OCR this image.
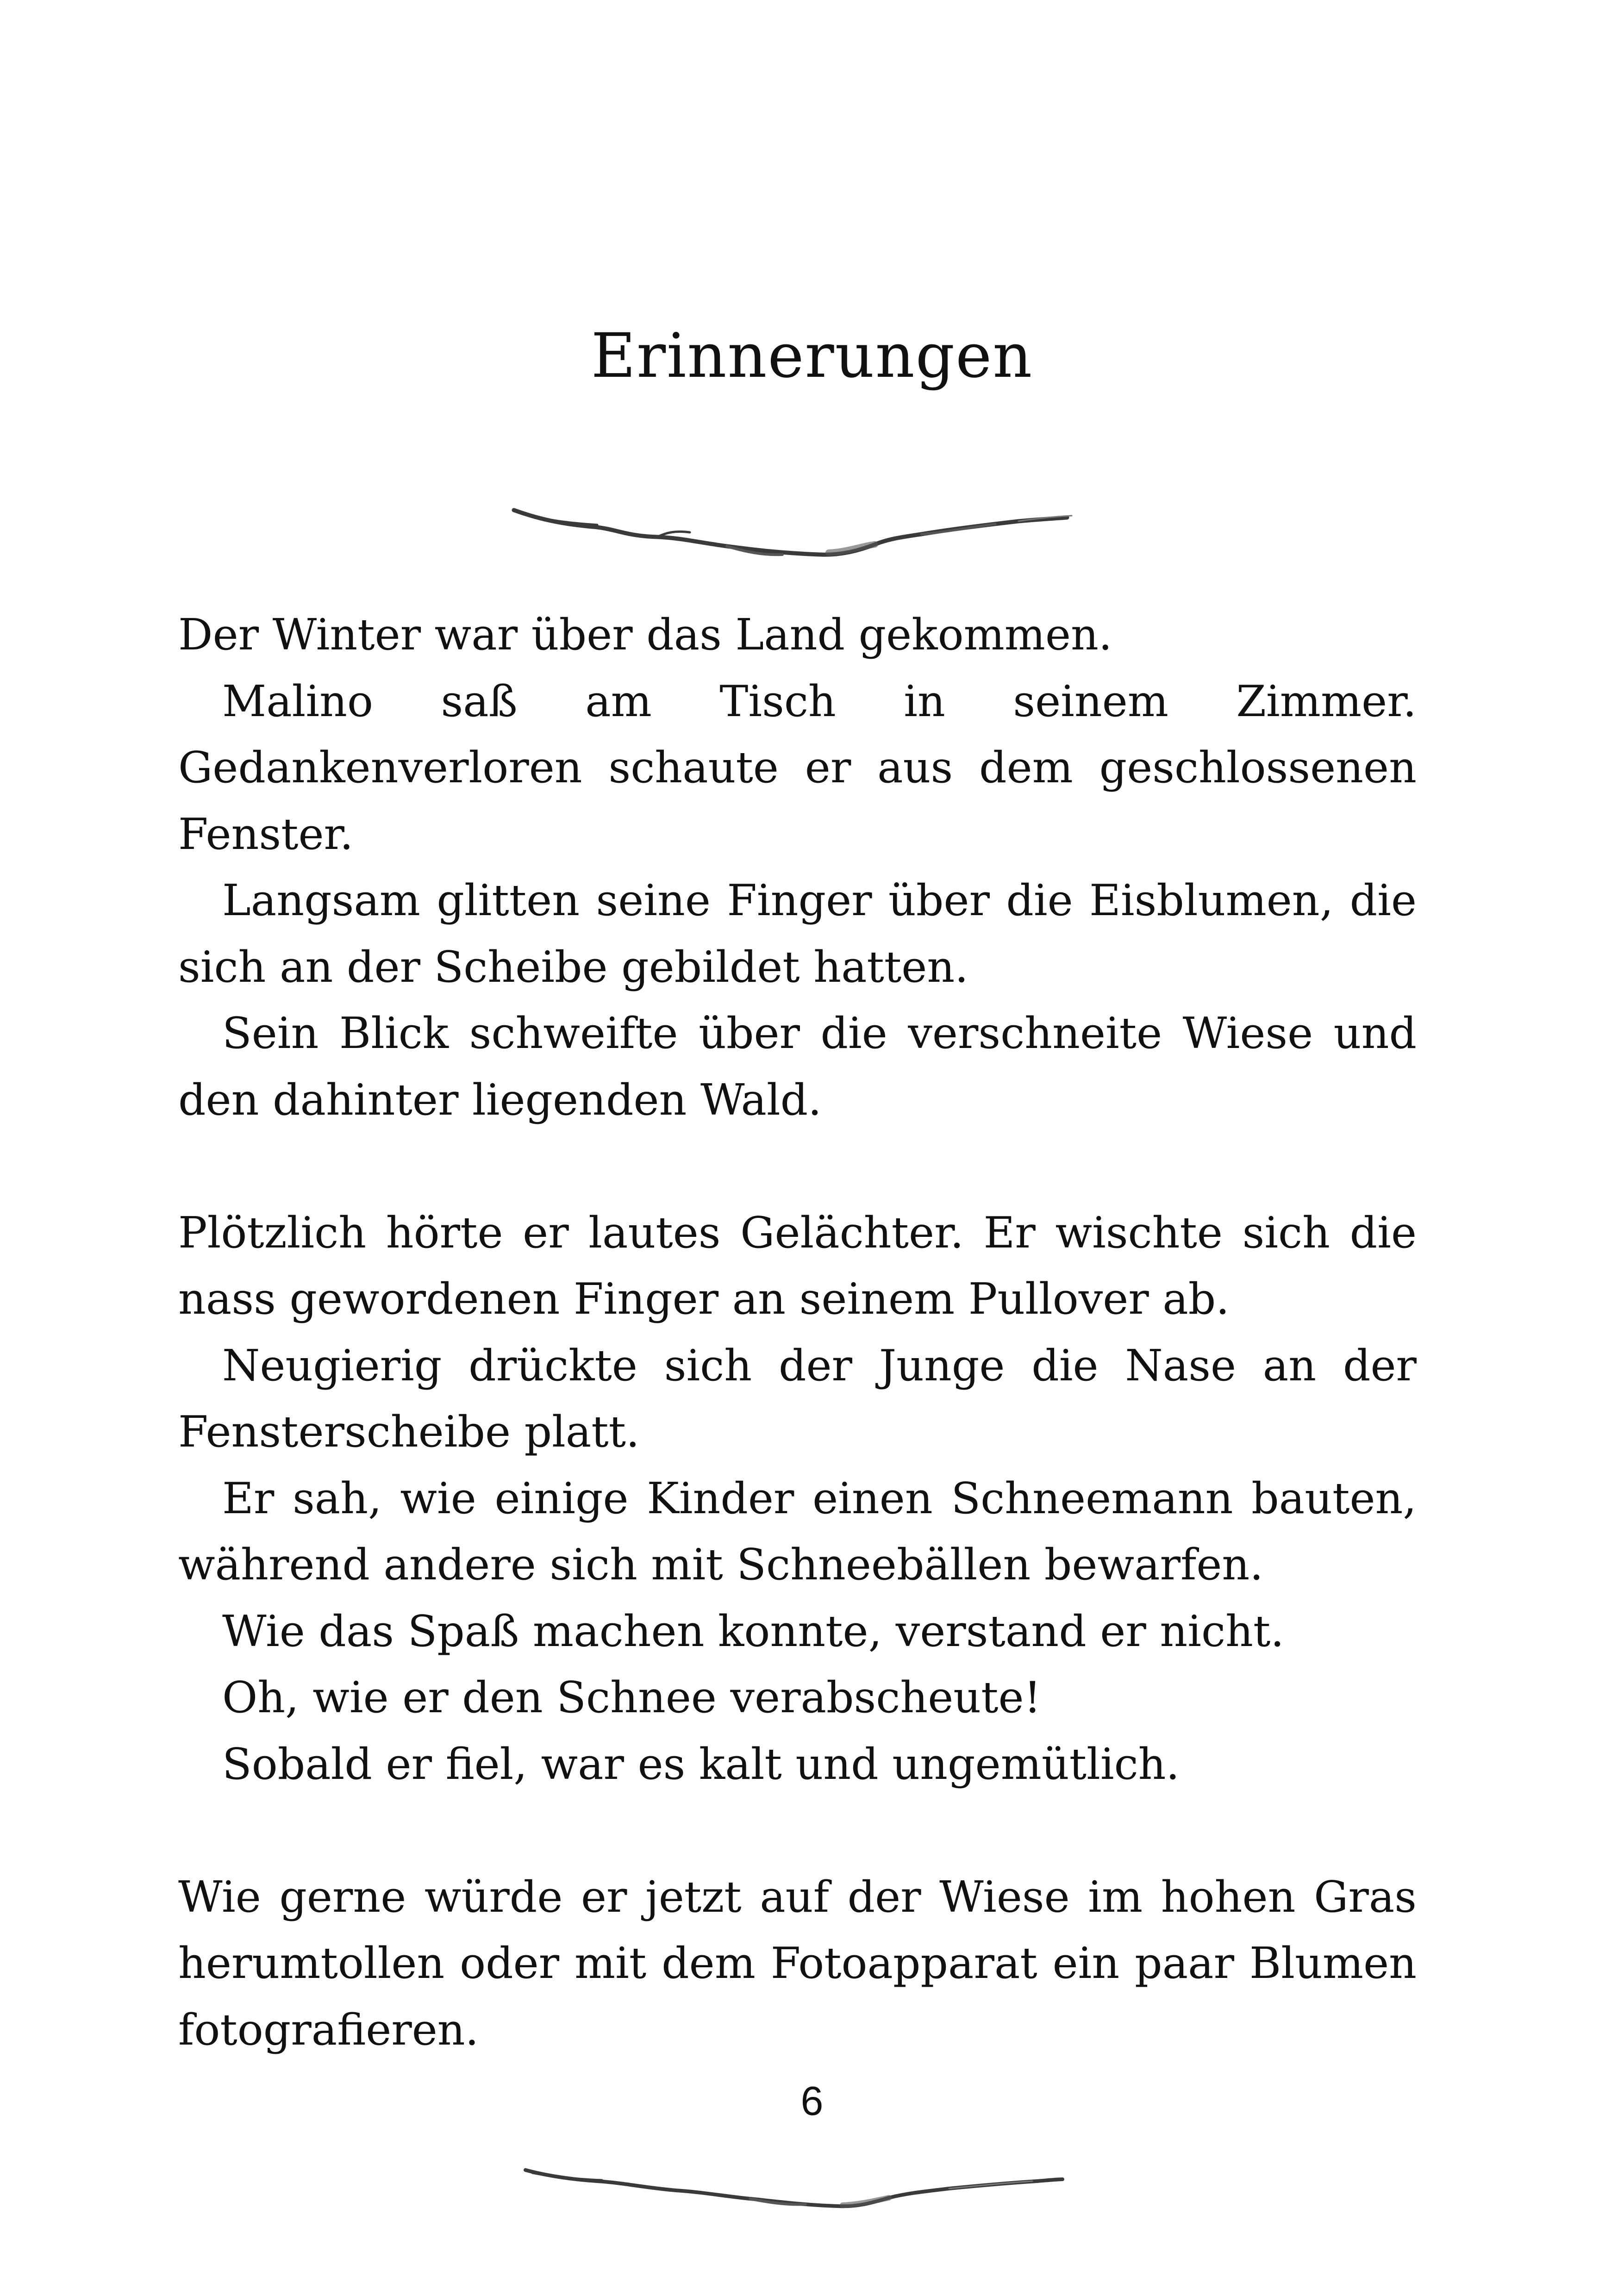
Erinnerungen

Der Winter war über das Land gekommen.

Malino saß am Tisch in seinem Zimmer. Gedankenverloren schaute er aus dem geschlossenen Fenster.

Langsam glitten seine Finger über die Eisblumen, die sich an der Scheibe gebildet hatten.

Sein Blick schweifte über die verschneite Wiese und den dahinter liegenden Wald.

Plötzlich hörte er lautes Gelächter. Er wischte sich die nass gewordenen Finger an seinem Pullover ab.

Neugierig drückte sich der Junge die Nase an der Fensterscheibe platt.

Er sah, wie einige Kinder einen Schneemann bauten, während andere sich mit Schneebällen bewarfen.

Wie das Spaß machen konnte, verstand er nicht.

Oh, wie er den Schnee verabscheute!

Sobald er fiel, war es kalt und ungemütlich.

Wie gerne würde er jetzt auf der Wiese im hohen Gras herumtollen oder mit dem Fotoapparat ein paar Blumen fotografieren.

6
